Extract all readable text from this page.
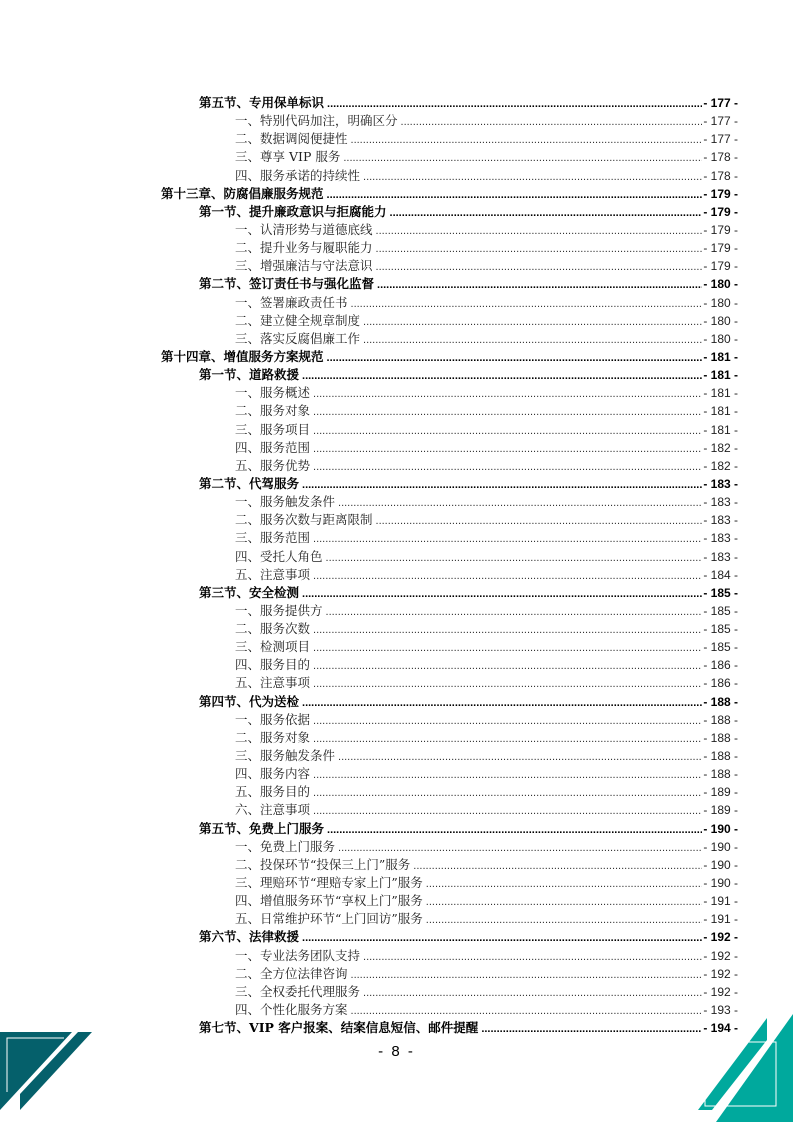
第五节、专用保单标识 .....	- 177 -
一、特别代码加注，明确区分 .....	- 177 -
二、数据调阅便捷性 .....	- 177 -
三、尊享 VIP 服务 .....	- 178 -
四、服务承诺的持续性 .....	- 178 -
第十三章、防腐倡廉服务规范 .....	- 179 -
第一节、提升廉政意识与拒腐能力 .....	- 179 -
一、认清形势与道德底线 .....	- 179 -
二、提升业务与履职能力 .....	- 179 -
三、增强廉洁与守法意识 .....	- 179 -
第二节、签订责任书与强化监督 .....	- 180 -
一、签署廉政责任书 .....	- 180 -
二、建立健全规章制度 .....	- 180 -
三、落实反腐倡廉工作 .....	- 180 -
第十四章、增值服务方案规范 .....	- 181 -
第一节、道路救援 .....	- 181 -
一、服务概述 .....	- 181 -
二、服务对象 .....	- 181 -
三、服务项目 .....	- 181 -
四、服务范围 .....	- 182 -
五、服务优势 .....	- 182 -
第二节、代驾服务 .....	- 183 -
一、服务触发条件 .....	- 183 -
二、服务次数与距离限制 .....	- 183 -
三、服务范围 .....	- 183 -
四、受托人角色 .....	- 183 -
五、注意事项 .....	- 184 -
第三节、安全检测 .....	- 185 -
一、服务提供方 .....	- 185 -
二、服务次数 .....	- 185 -
三、检测项目 .....	- 185 -
四、服务目的 .....	- 186 -
五、注意事项 .....	- 186 -
第四节、代为送检 .....	- 188 -
一、服务依据 .....	- 188 -
二、服务对象 .....	- 188 -
三、服务触发条件 .....	- 188 -
四、服务内容 .....	- 188 -
五、服务目的 .....	- 189 -
六、注意事项 .....	- 189 -
第五节、免费上门服务 .....	- 190 -
一、免费上门服务 .....	- 190 -
二、投保环节“投保三上门”服务 .....	- 190 -
三、理赔环节“理赔专家上门”服务 .....	- 190 -
四、增值服务环节“享权上门”服务 .....	- 191 -
五、日常维护环节“上门回访”服务 .....	- 191 -
第六节、法律救援 .....	- 192 -
一、专业法务团队支持 .....	- 192 -
二、全方位法律咨询 .....	- 192 -
三、全权委托代理服务 .....	- 192 -
四、个性化服务方案 .....	- 193 -
第七节、VIP 客户报案、结案信息短信、邮件提醒 .....	- 194 -
- 8 -
